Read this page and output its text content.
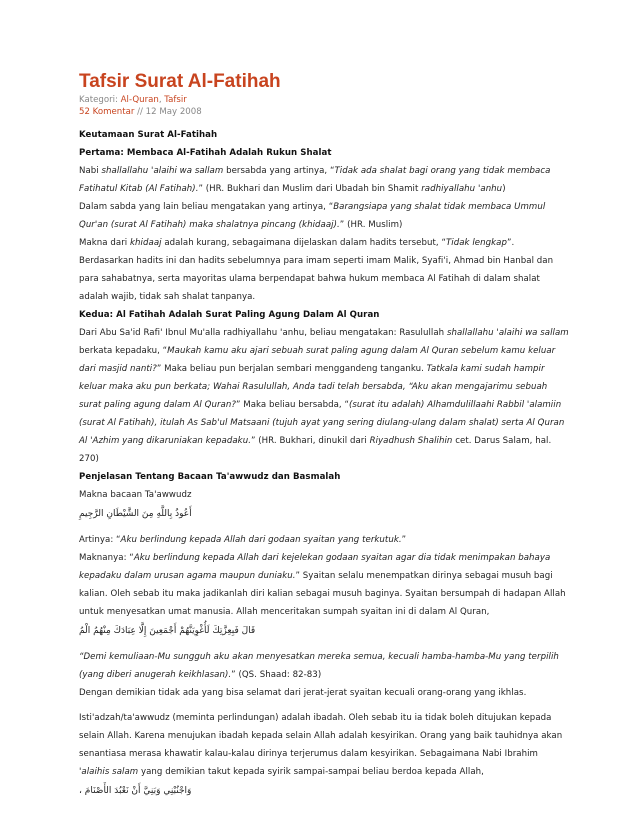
Tafsir Surat Al-Fatihah
Kategori: Al-Quran, Tafsir
52 Komentar // 12 May 2008

Keutamaan Surat Al-Fatihah

Pertama: Membaca Al-Fatihah Adalah Rukun Shalat

Nabi shallallahu 'alaihi wa sallam bersabda yang artinya, “Tidak ada shalat bagi orang yang tidak membaca Fatihatul Kitab (Al Fatihah).” (HR. Bukhari dan Muslim dari Ubadah bin Shamit radhiyallahu 'anhu)

Dalam sabda yang lain beliau mengatakan yang artinya, “Barangsiapa yang shalat tidak membaca Ummul Qur'an (surat Al Fatihah) maka shalatnya pincang (khidaaj).” (HR. Muslim)

Makna dari khidaaj adalah kurang, sebagaimana dijelaskan dalam hadits tersebut, “Tidak lengkap”. Berdasarkan hadits ini dan hadits sebelumnya para imam seperti imam Malik, Syafi'i, Ahmad bin Hanbal dan para sahabatnya, serta mayoritas ulama berpendapat bahwa hukum membaca Al Fatihah di dalam shalat adalah wajib, tidak sah shalat tanpanya.

Kedua: Al Fatihah Adalah Surat Paling Agung Dalam Al Quran

Dari Abu Sa'id Rafi' Ibnul Mu'alla radhiyallahu 'anhu, beliau mengatakan: Rasulullah shallallahu 'alaihi wa sallam berkata kepadaku, “Maukah kamu aku ajari sebuah surat paling agung dalam Al Quran sebelum kamu keluar dari masjid nanti?” Maka beliau pun berjalan sembari menggandeng tanganku. Tatkala kami sudah hampir keluar maka aku pun berkata; Wahai Rasulullah, Anda tadi telah bersabda, “Aku akan mengajarimu sebuah surat paling agung dalam Al Quran?” Maka beliau bersabda, “(surat itu adalah) Alhamdulillaahi Rabbil 'alamiin (surat Al Fatihah), itulah As Sab'ul Matsaani (tujuh ayat yang sering diulang-ulang dalam shalat) serta Al Quran Al 'Azhim yang dikaruniakan kepadaku.” (HR. Bukhari, dinukil dari Riyadhush Shalihin cet. Darus Salam, hal. 270)

Penjelasan Tentang Bacaan Ta'awwudz dan Basmalah

Makna bacaan Ta'awwudz

أَعُوذُ بِاللَّهِ مِنَ الشَّيْطَانِ الرَّجِيمِ

Artinya: “Aku berlindung kepada Allah dari godaan syaitan yang terkutuk.”

Maknanya: “Aku berlindung kepada Allah dari kejelekan godaan syaitan agar dia tidak menimpakan bahaya kepadaku dalam urusan agama maupun duniaku.” Syaitan selalu menempatkan dirinya sebagai musuh bagi kalian. Oleh sebab itu maka jadikanlah diri kalian sebagai musuh baginya. Syaitan bersumpah di hadapan Allah untuk menyesatkan umat manusia. Allah menceritakan sumpah syaitan ini di dalam Al Quran,

قَالَ فَبِعِزَّتِكَ لَأُغْوِيَنَّهُمْ أَجْمَعِينَ إِلَّا عِبَادَكَ مِنْهُمُ الْمُ

“Demi kemuliaan-Mu sungguh aku akan menyesatkan mereka semua, kecuali hamba-hamba-Mu yang terpilih (yang diberi anugerah keikhlasan).” (QS. Shaad: 82-83)

Dengan demikian tidak ada yang bisa selamat dari jerat-jerat syaitan kecuali orang-orang yang ikhlas.

Isti'adzah/ta'awwudz (meminta perlindungan) adalah ibadah. Oleh sebab itu ia tidak boleh ditujukan kepada selain Allah. Karena menujukan ibadah kepada selain Allah adalah kesyirikan. Orang yang baik tauhidnya akan senantiasa merasa khawatir kalau-kalau dirinya terjerumus dalam kesyirikan. Sebagaimana Nabi Ibrahim 'alaihis salam yang demikian takut kepada syirik sampai-sampai beliau berdoa kepada Allah,

وَاجْنُبْنِي وَبَنِيَّ أَنْ نَعْبُدَ الأَصْنَامَ ،
